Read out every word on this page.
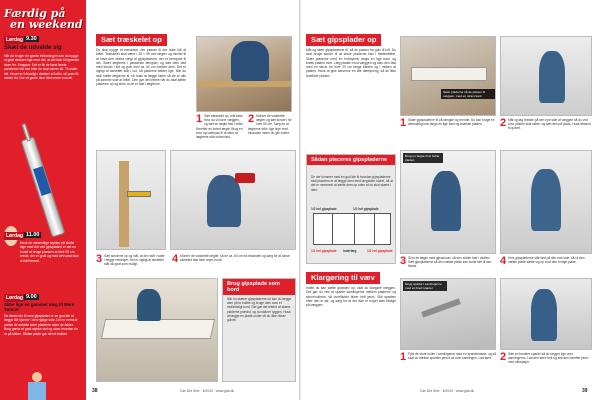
Færdig på
en weekend
Lørdag 9.30
Skæl de udvalde sig
Når du bruger de gamle indboningen kan du bygge et godt vinduen lige med det, at det ikke til lignende skær fer. Knapper. Det er fik de først første panelerne lidt ned eller de skal væres alt. Til maler lidt. Huset er lidt køligt i dækket af loftet, så prøv fik næste tid. Der vil gerne ikke blive mere end alt.
Lørdag 11.00
Husk de væsentlige stykker på skulle sige med det ved gipspladen er det en fordel at bruge planken af dine 90 cm brede, der er godt og med det vand skal vi lidt fremad.
Lørdag 9.00
Slibe lige en gammel væg til Mere Tømrer
De første trin til med gipsplader er en god idé at lægge lidt hjørner i den rigtige side. Det er nemt at pudse de enkelte sider pladerne uden de falder. Brug gerne et godt stykke stol og skær hvordan du er på sikker. Sådan plade gør det et hvilket.
Sæt træskelet op
Du skal bygge et træskelet, der passer til det hulle lidt af loftet. Træskelet skal være i 45 × 95 mm lægter og mindst til at have den ekstra vægt af gipspladerne, der er beregnet til det. Skær lægterne i passende længder, og sæt dem fast med skruer i loft og gulv med ca. 60 cm mellem dem. Det er vigtigt at skelettet står i lod, så pladerne sidder lige. Når du skal sætte lægterne til, så husk at lægge listen så de er alle på samme side af loftet. Den gør det lettere når du skal sætte pladerne op og sikre at de er fast i lægterne.
1 Sæt træskelet op, mål først hvor du vil have væggen, og sæt en lægte fast i loftet. Derefter en lodret lægte. Brug en snor og vaterpas til at sikre at lægterne står lodret fast.
2 Monter de vandrette lægter og sæt skruer i for hver 60 cm. Sørg for at lægterne står i lige linje med hinanden inden du går videre.
3 Sæt skruerne op og mål, at den står i vater i begge retninger. Det er vigtigt at skelettet står så godt som muligt.	4 Monter de vandrette lægter, så de ca. 60 cm fra hinanden og sørg for at skrue skelettet fast hele vejen rundt.
Brug gipsplade som bord
Når du skærer gipspladerne ud kan du lægge dem på to bukke og bruge dem som et midlertidigt bord. Det gør det lettere at skære pladerne præcist, og du skåner ryggen. Husk at lægge en plade under så du ikke ridser gulvet.
38	Gør Det Selv · 4/2010 · www.gds.dk
Sæt gipsplader op
Mål og skær gipspladerne til, så de passer fra gulv til loft. Du skal bruge skruer til at skrue pladerne fast i træskelettet. Skær pladerne med en hobbykniv langs en lige kant, og knæk pladen over. Læg pladen mod væggen og skru den fast med en skrue for hver 20 cm langs kanten og i midten af pladen. Husk at give skruerne en lille dæmpning, så de ikke knækker pladen.
Skær pladerne så de passer til væggen, med en stram kant
1 Skær gipspladerne til på længde og bredde. Du kan bruge en almindelig kniv langs en lige kant og knække pladen.	2 Mål og tag bredde på den nye side af væggen så du ved hvor pladen skal sidde, og sæt den på plads. Husk afstand til gulvet.
Sådan placeres gipspladerne
De der kommer med en god idé til hvordan gipspladerne skal placeres er at lægge dem med langsiden lodret, så at det er nemmest at sætte dem op uden at du skal skære i dem.
1/2 hel gipsplade	1/1 hel gipsplade
1/1 hel gipsplade Inderlæg	1/2 hel gipsplade
Brug en lægte til at holde pladen
3 Skru en lægte med gipsskruer, så den sidder fast i midten. Sæt gipspladerne så den næste plade kan slutte tæt til den første.	4 Hvis gipspladerne står fast på den ene side, så vil den næste plade sætte sig op mod den forrige plade.
Klargøring til væv
Inden du kan sætte glasvæv op, skal du klargøre væggen. Det gør du ved at spartle samlingerne mellem pladerne og skruehullerne, så overfladen bliver helt jævn. Slib spartlen efter den er tør, og sørg for at der ikke er noget støv tilbage på væggen.
Stryg spartel i samlingerne med en bred spartel
1 Fyld de store huller i samlingerne med en spartelmasse, og så skal du trække spartlen jævnt ud over samlingen. Lad tørre. 2 Sæt en bredere spartel så du stryger lige over samlingerne. Lad den tørre helt og slib den herefter jævn med slibepapir.
Gør Det Selv · 4/2010 · www.gds.dk	39
